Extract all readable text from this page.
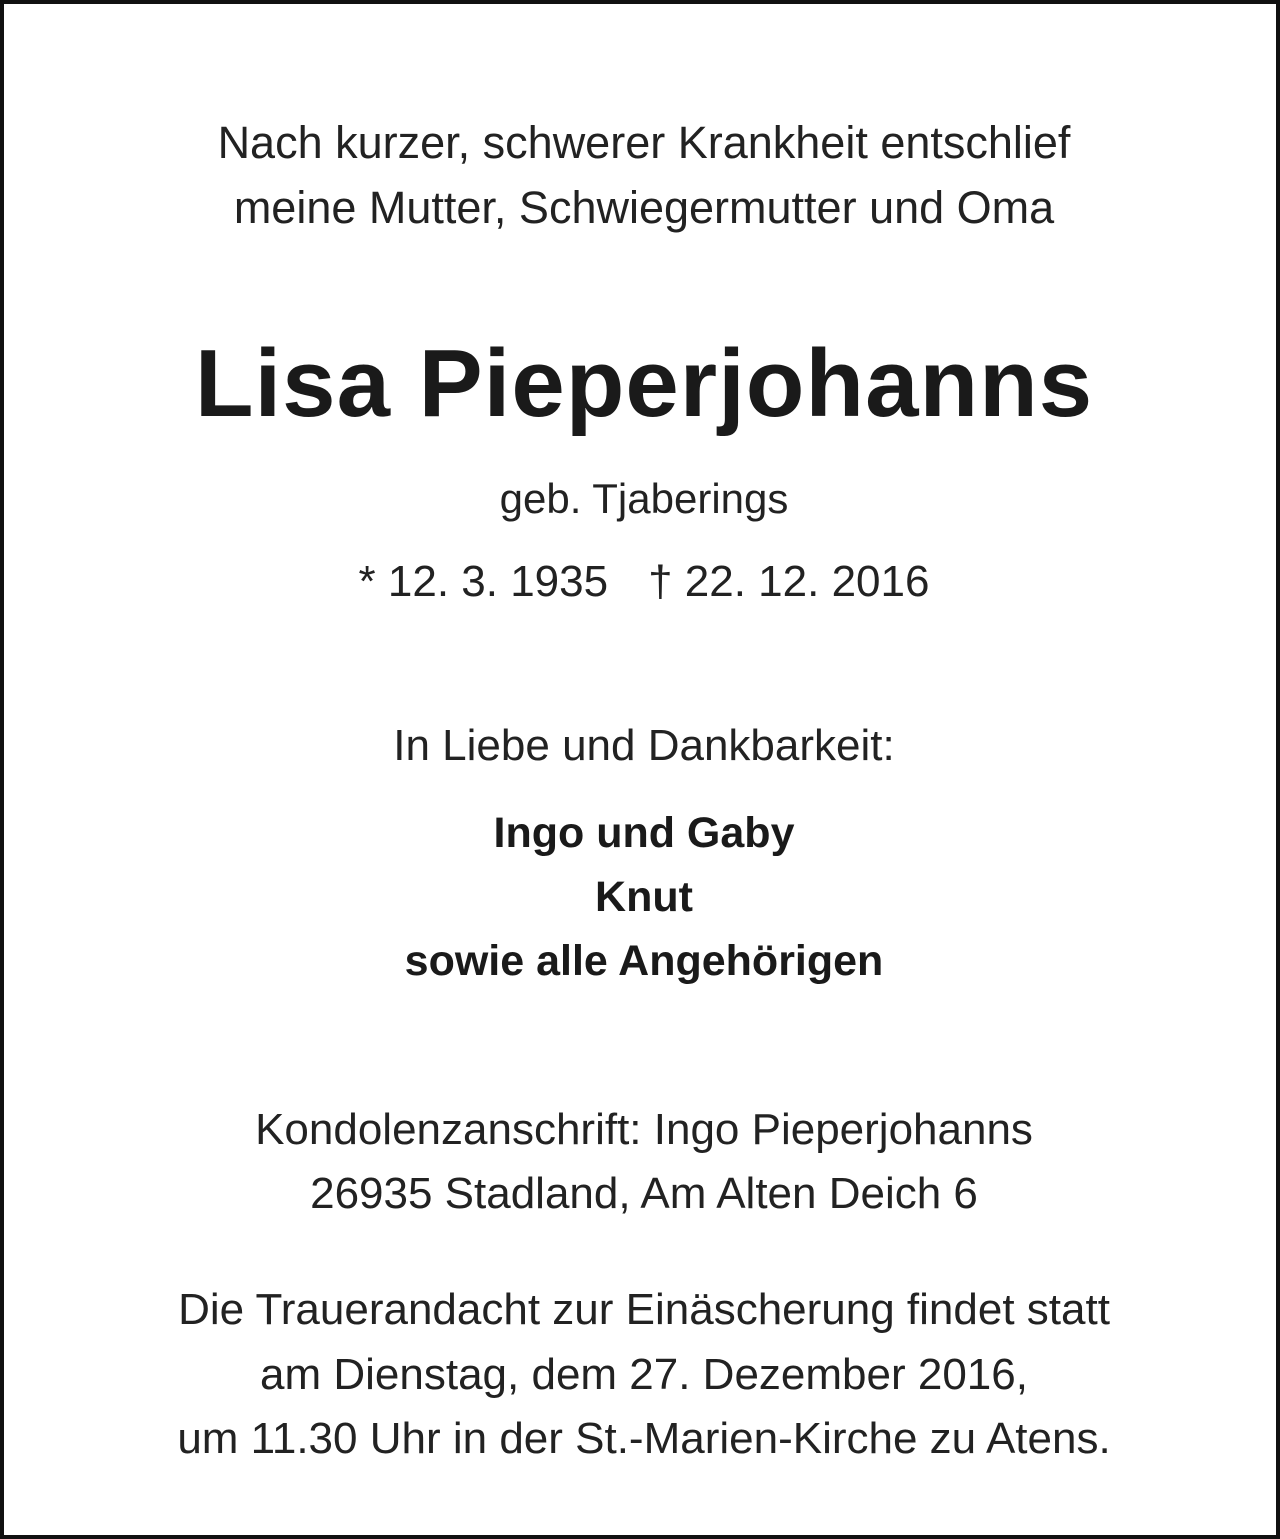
Nach kurzer, schwerer Krankheit entschlief
meine Mutter, Schwiegermutter und Oma
Lisa Pieperjohanns
geb. Tjaberings
* 12. 3. 1935 † 22. 12. 2016
In Liebe und Dankbarkeit:
Ingo und Gaby
Knut
sowie alle Angehörigen
Kondolenzanschrift: Ingo Pieperjohanns
26935 Stadland, Am Alten Deich 6
Die Trauerandacht zur Einäscherung findet statt
am Dienstag, dem 27. Dezember 2016,
um 11.30 Uhr in der St.-Marien-Kirche zu Atens.
